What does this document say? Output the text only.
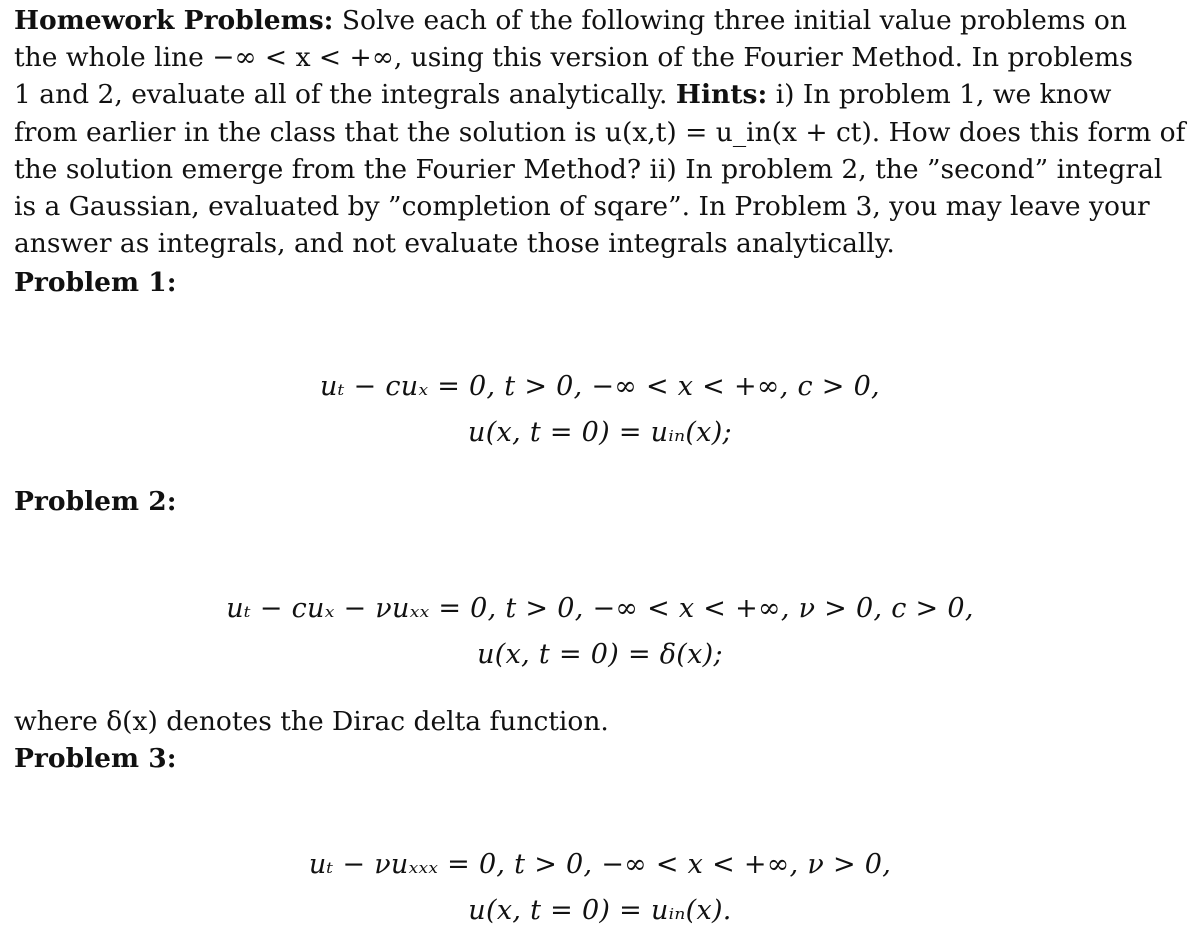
Homework Problems: Solve each of the following three initial value problems on

the whole line −∞ < x < +∞, using this version of the Fourier Method. In problems

1 and 2, evaluate all of the integrals analytically. Hints: i) In problem 1, we know

from earlier in the class that the solution is u(x,t) = u_in(x + ct). How does this form of

the solution emerge from the Fourier Method? ii) In problem 2, the ”second” integral

is a Gaussian, evaluated by ”completion of sqare”. In Problem 3, you may leave your

answer as integrals, and not evaluate those integrals analytically.

Problem 1:

uₜ − cuₓ = 0, t > 0, −∞ < x < +∞, c > 0,
u(x, t = 0) = uᵢₙ(x);

Problem 2:

uₜ − cuₓ − νuₓₓ = 0, t > 0, −∞ < x < +∞, ν > 0, c > 0,
u(x, t = 0) = δ(x);

where δ(x) denotes the Dirac delta function.

Problem 3:

uₜ − νuₓₓₓ = 0, t > 0, −∞ < x < +∞, ν > 0,
u(x, t = 0) = uᵢₙ(x).
